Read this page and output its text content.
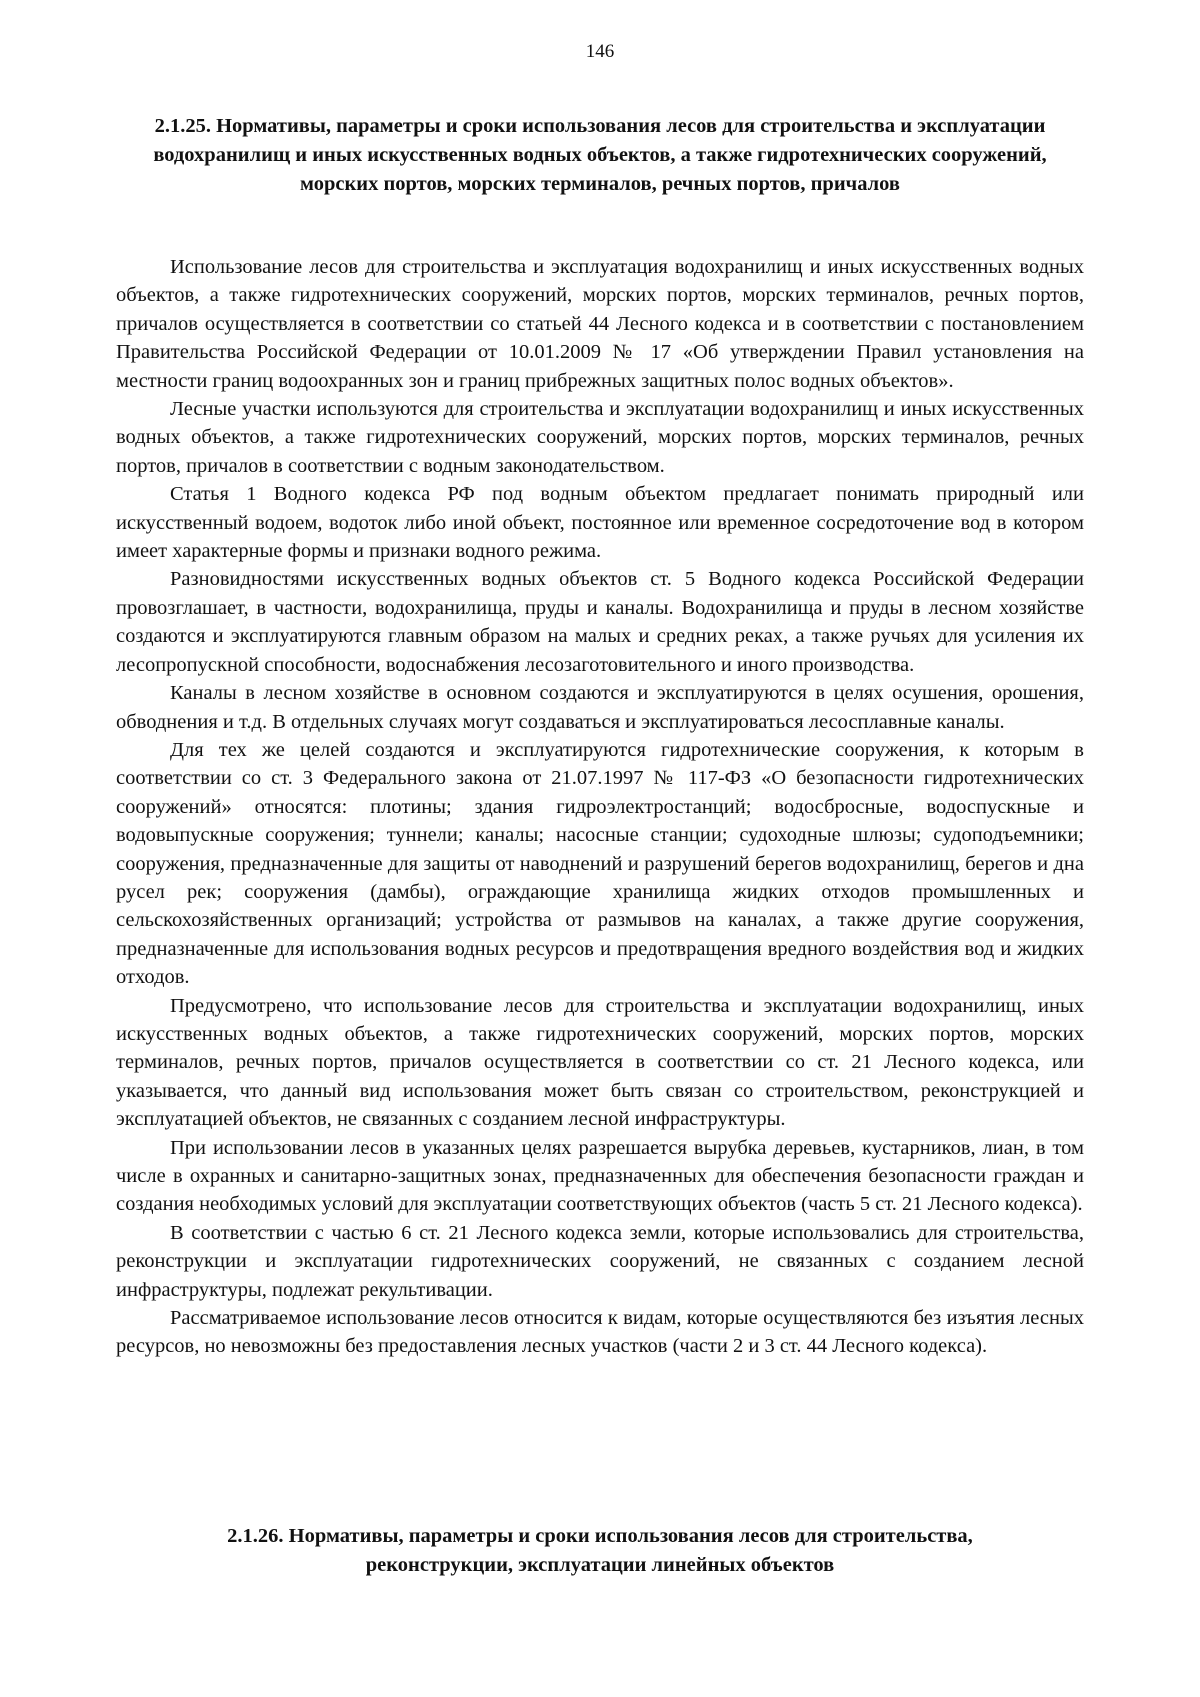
146
2.1.25. Нормативы, параметры и сроки использования лесов для строительства и эксплуатации водохранилищ и иных искусственных водных объектов, а также гидротехнических сооружений, морских портов, морских терминалов, речных портов, причалов

Использование лесов для строительства и эксплуатация водохранилищ и иных искусственных водных объектов, а также гидротехнических сооружений, морских портов, морских терминалов, речных портов, причалов осуществляется в соответствии со статьей 44 Лесного кодекса и в соответствии с постановлением Правительства Российской Федерации от 10.01.2009 № 17 «Об утверждении Правил установления на местности границ водоохранных зон и границ прибрежных защитных полос водных объектов».

Лесные участки используются для строительства и эксплуатации водохранилищ и иных искусственных водных объектов, а также гидротехнических сооружений, морских портов, морских терминалов, речных портов, причалов в соответствии с водным законодательством.

Статья 1 Водного кодекса РФ под водным объектом предлагает понимать природный или искусственный водоем, водоток либо иной объект, постоянное или временное сосредоточение вод в котором имеет характерные формы и признаки водного режима.

Разновидностями искусственных водных объектов ст. 5 Водного кодекса Российской Федерации провозглашает, в частности, водохранилища, пруды и каналы. Водохранилища и пруды в лесном хозяйстве создаются и эксплуатируются главным образом на малых и средних реках, а также ручьях для усиления их лесопропускной способности, водоснабжения лесозаготовительного и иного производства.

Каналы в лесном хозяйстве в основном создаются и эксплуатируются в целях осушения, орошения, обводнения и т.д. В отдельных случаях могут создаваться и эксплуатироваться лесосплавные каналы.

Для тех же целей создаются и эксплуатируются гидротехнические сооружения, к которым в соответствии со ст. 3 Федерального закона от 21.07.1997 № 117-ФЗ «О безопасности гидротехнических сооружений» относятся: плотины; здания гидроэлектростанций; водосбросные, водоспускные и водовыпускные сооружения; туннели; каналы; насосные станции; судоходные шлюзы; судоподъемники; сооружения, предназначенные для защиты от наводнений и разрушений берегов водохранилищ, берегов и дна русел рек; сооружения (дамбы), ограждающие хранилища жидких отходов промышленных и сельскохозяйственных организаций; устройства от размывов на каналах, а также другие сооружения, предназначенные для использования водных ресурсов и предотвращения вредного воздействия вод и жидких отходов.

Предусмотрено, что использование лесов для строительства и эксплуатации водохранилищ, иных искусственных водных объектов, а также гидротехнических сооружений, морских портов, морских терминалов, речных портов, причалов осуществляется в соответствии со ст. 21 Лесного кодекса, или указывается, что данный вид использования может быть связан со строительством, реконструкцией и эксплуатацией объектов, не связанных с созданием лесной инфраструктуры.

При использовании лесов в указанных целях разрешается вырубка деревьев, кустарников, лиан, в том числе в охранных и санитарно-защитных зонах, предназначенных для обеспечения безопасности граждан и создания необходимых условий для эксплуатации соответствующих объектов (часть 5 ст. 21 Лесного кодекса).

В соответствии с частью 6 ст. 21 Лесного кодекса земли, которые использовались для строительства, реконструкции и эксплуатации гидротехнических сооружений, не связанных с созданием лесной инфраструктуры, подлежат рекультивации.

Рассматриваемое использование лесов относится к видам, которые осуществляются без изъятия лесных ресурсов, но невозможны без предоставления лесных участков (части 2 и 3 ст. 44 Лесного кодекса).

2.1.26. Нормативы, параметры и сроки использования лесов для строительства, реконструкции, эксплуатации линейных объектов
